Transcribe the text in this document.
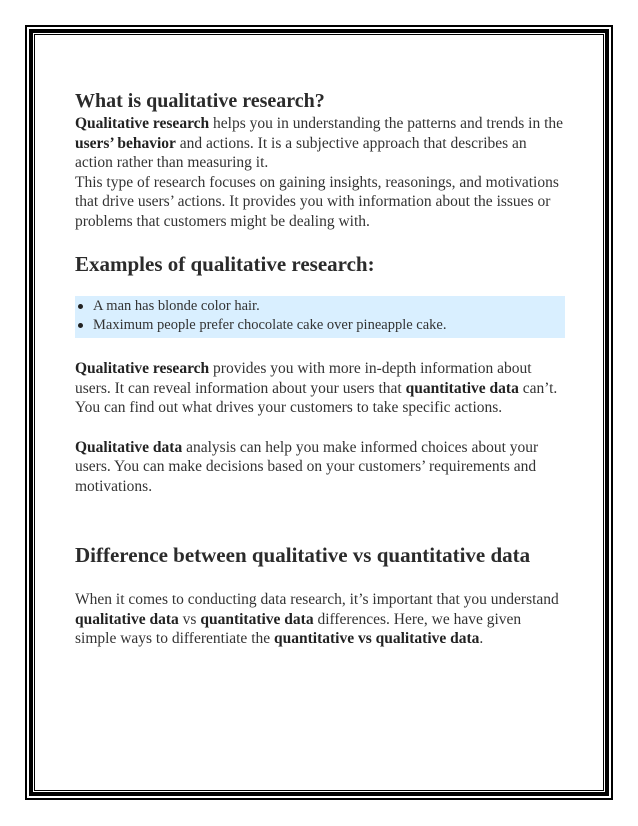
What is qualitative research?

Qualitative research helps you in understanding the patterns and trends in the users’ behavior and actions. It is a subjective approach that describes an action rather than measuring it.

This type of research focuses on gaining insights, reasonings, and motivations that drive users’ actions. It provides you with information about the issues or problems that customers might be dealing with.

Examples of qualitative research:
A man has blonde color hair.
Maximum people prefer chocolate cake over pineapple cake.

Qualitative research provides you with more in-depth information about users. It can reveal information about your users that quantitative data can’t. You can find out what drives your customers to take specific actions.

Qualitative data analysis can help you make informed choices about your users. You can make decisions based on your customers’ requirements and motivations.

Difference between qualitative vs quantitative data

When it comes to conducting data research, it’s important that you understand qualitative data vs quantitative data differences. Here, we have given simple ways to differentiate the quantitative vs qualitative data.
